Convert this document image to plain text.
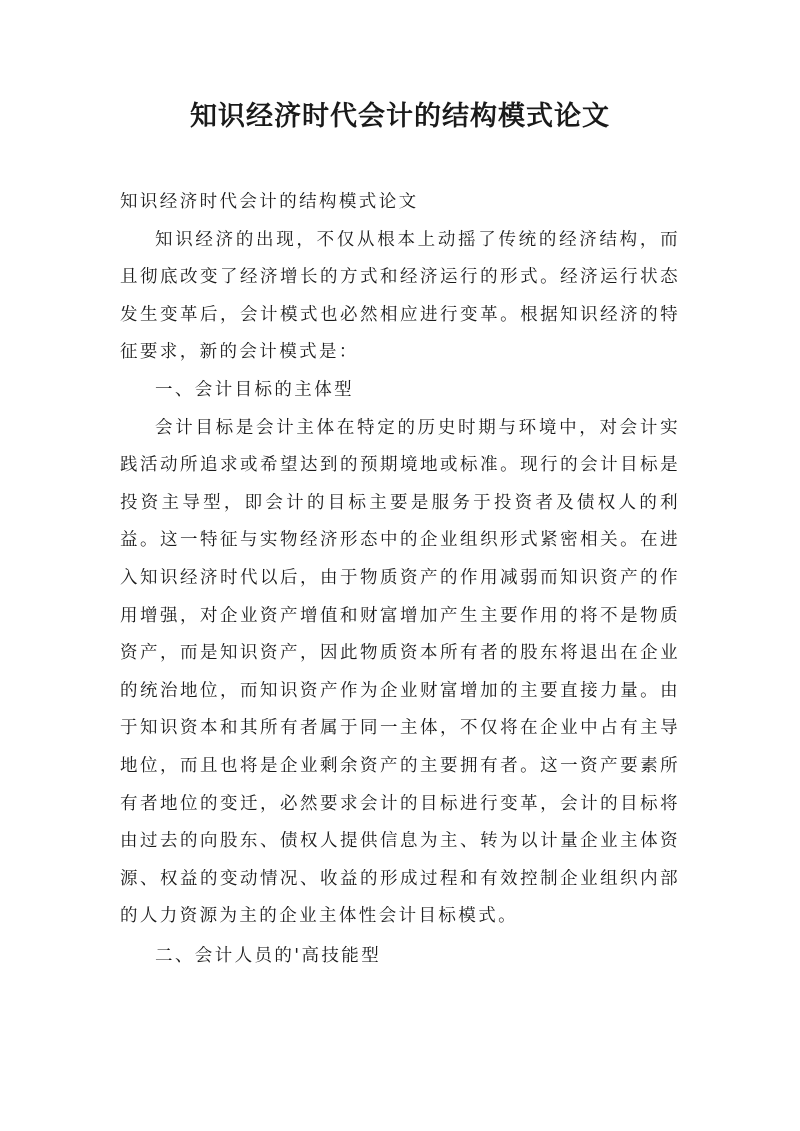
知识经济时代会计的结构模式论文

知识经济时代会计的结构模式论文

知识经济的出现，不仅从根本上动摇了传统的经济结构，而且彻底改变了经济增长的方式和经济运行的形式。经济运行状态发生变革后，会计模式也必然相应进行变革。根据知识经济的特征要求，新的会计模式是：

一、会计目标的主体型

会计目标是会计主体在特定的历史时期与环境中，对会计实践活动所追求或希望达到的预期境地或标准。现行的会计目标是投资主导型，即会计的目标主要是服务于投资者及债权人的利益。这一特征与实物经济形态中的企业组织形式紧密相关。在进入知识经济时代以后，由于物质资产的作用减弱而知识资产的作用增强，对企业资产增值和财富增加产生主要作用的将不是物质资产，而是知识资产，因此物质资本所有者的股东将退出在企业的统治地位，而知识资产作为企业财富增加的主要直接力量。由于知识资本和其所有者属于同一主体，不仅将在企业中占有主导地位，而且也将是企业剩余资产的主要拥有者。这一资产要素所有者地位的变迁，必然要求会计的目标进行变革，会计的目标将由过去的向股东、债权人提供信息为主、转为以计量企业主体资源、权益的变动情况、收益的形成过程和有效控制企业组织内部的人力资源为主的企业主体性会计目标模式。

二、会计人员的'高技能型
